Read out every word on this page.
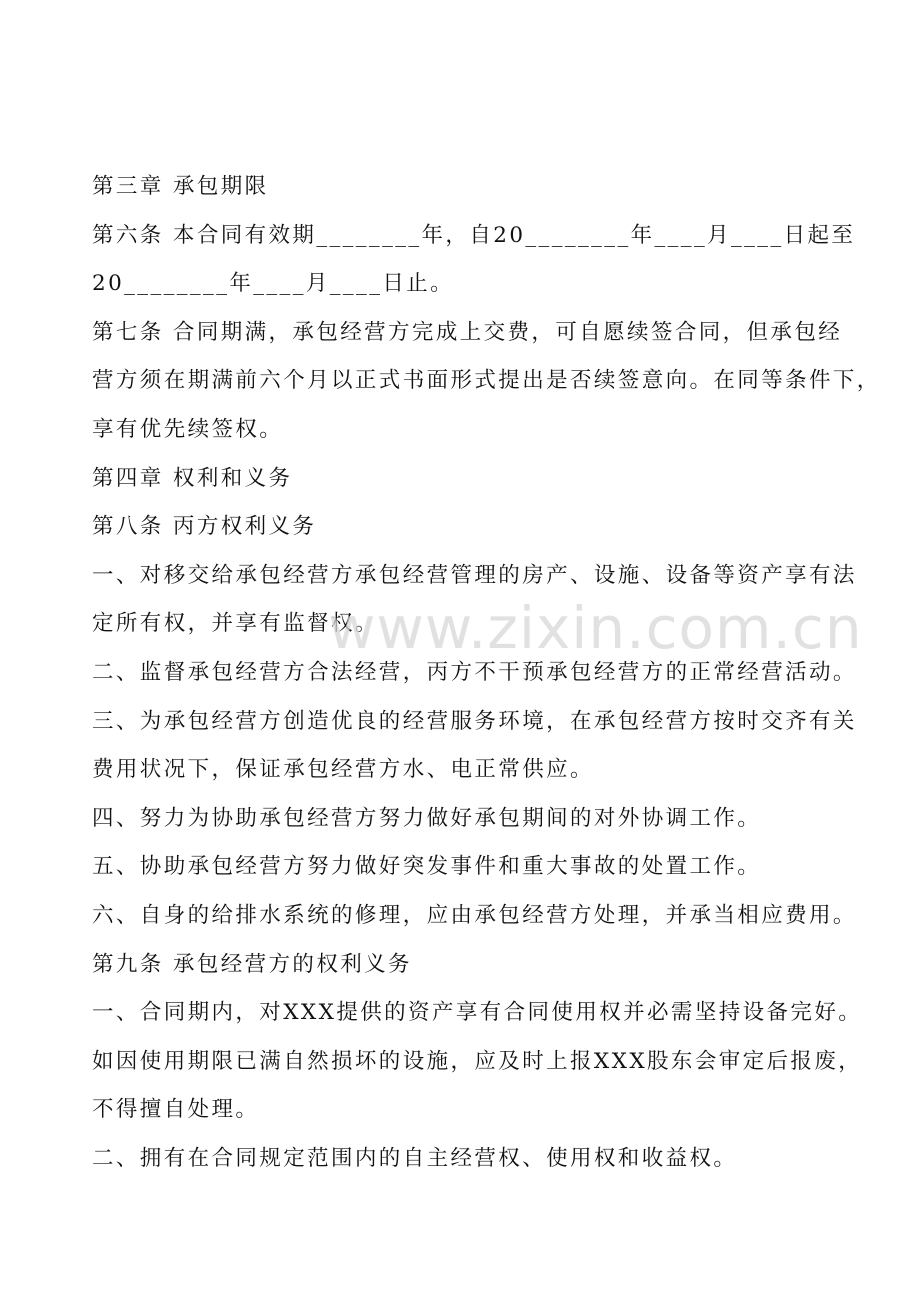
第三章 承包期限
第六条 本合同有效期________年，自20________年____月____日起至
20________年____月____日止。
第七条 合同期满，承包经营方完成上交费，可自愿续签合同，但承包经
营方须在期满前六个月以正式书面形式提出是否续签意向。在同等条件下，
享有优先续签权。
第四章 权利和义务
第八条 丙方权利义务
一、对移交给承包经营方承包经营管理的房产、设施、设备等资产享有法
定所有权，并享有监督权。
二、监督承包经营方合法经营，丙方不干预承包经营方的正常经营活动。
三、为承包经营方创造优良的经营服务环境，在承包经营方按时交齐有关
费用状况下，保证承包经营方水、电正常供应。
四、努力为协助承包经营方努力做好承包期间的对外协调工作。
五、协助承包经营方努力做好突发事件和重大事故的处置工作。
六、自身的给排水系统的修理，应由承包经营方处理，并承当相应费用。
第九条 承包经营方的权利义务
一、合同期内，对XXX提供的资产享有合同使用权并必需坚持设备完好。
如因使用期限已满自然损坏的设施，应及时上报XXX股东会审定后报废，
不得擅自处理。
二、拥有在合同规定范围内的自主经营权、使用权和收益权。
www.zixin.com.cn
